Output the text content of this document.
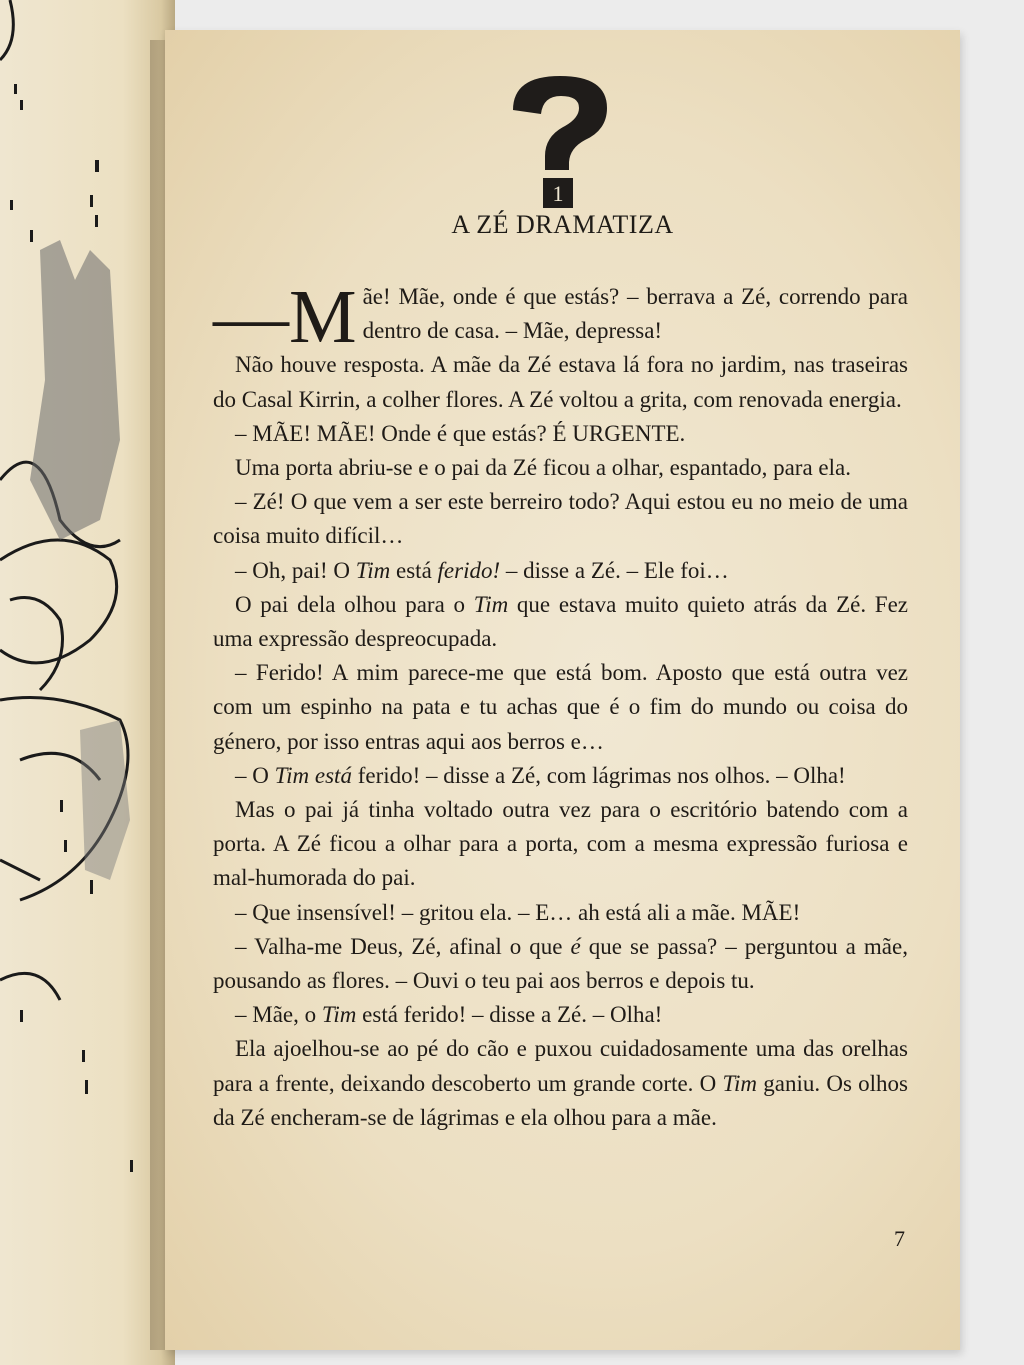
1
A ZÉ DRAMATIZA

—M ãe! Mãe, onde é que estás? – berrava a Zé, correndo para dentro de casa. – Mãe, depressa!

Não houve resposta. A mãe da Zé estava lá fora no jardim, nas traseiras do Casal Kirrin, a colher flores. A Zé voltou a grita, com renovada energia.

– MÃE! MÃE! Onde é que estás? É URGENTE.

Uma porta abriu-se e o pai da Zé ficou a olhar, espantado, para ela.

– Zé! O que vem a ser este berreiro todo? Aqui estou eu no meio de uma coisa muito difícil…

– Oh, pai! O Tim está ferido! – disse a Zé. – Ele foi…

O pai dela olhou para o Tim que estava muito quieto atrás da Zé. Fez uma expressão despreocupada.

– Ferido! A mim parece-me que está bom. Aposto que está outra vez com um espinho na pata e tu achas que é o fim do mundo ou coisa do género, por isso entras aqui aos berros e…

– O Tim está ferido! – disse a Zé, com lágrimas nos olhos. – Olha!

Mas o pai já tinha voltado outra vez para o escritório batendo com a porta. A Zé ficou a olhar para a porta, com a mesma expressão furiosa e mal-humorada do pai.

– Que insensível! – gritou ela. – E… ah está ali a mãe. MÃE!

– Valha-me Deus, Zé, afinal o que é que se passa? – perguntou a mãe, pousando as flores. – Ouvi o teu pai aos berros e depois tu.

– Mãe, o Tim está ferido! – disse a Zé. – Olha!

Ela ajoelhou-se ao pé do cão e puxou cuidadosamente uma das orelhas para a frente, deixando descoberto um grande corte. O Tim ganiu. Os olhos da Zé encheram-se de lágrimas e ela olhou para a mãe.

7
